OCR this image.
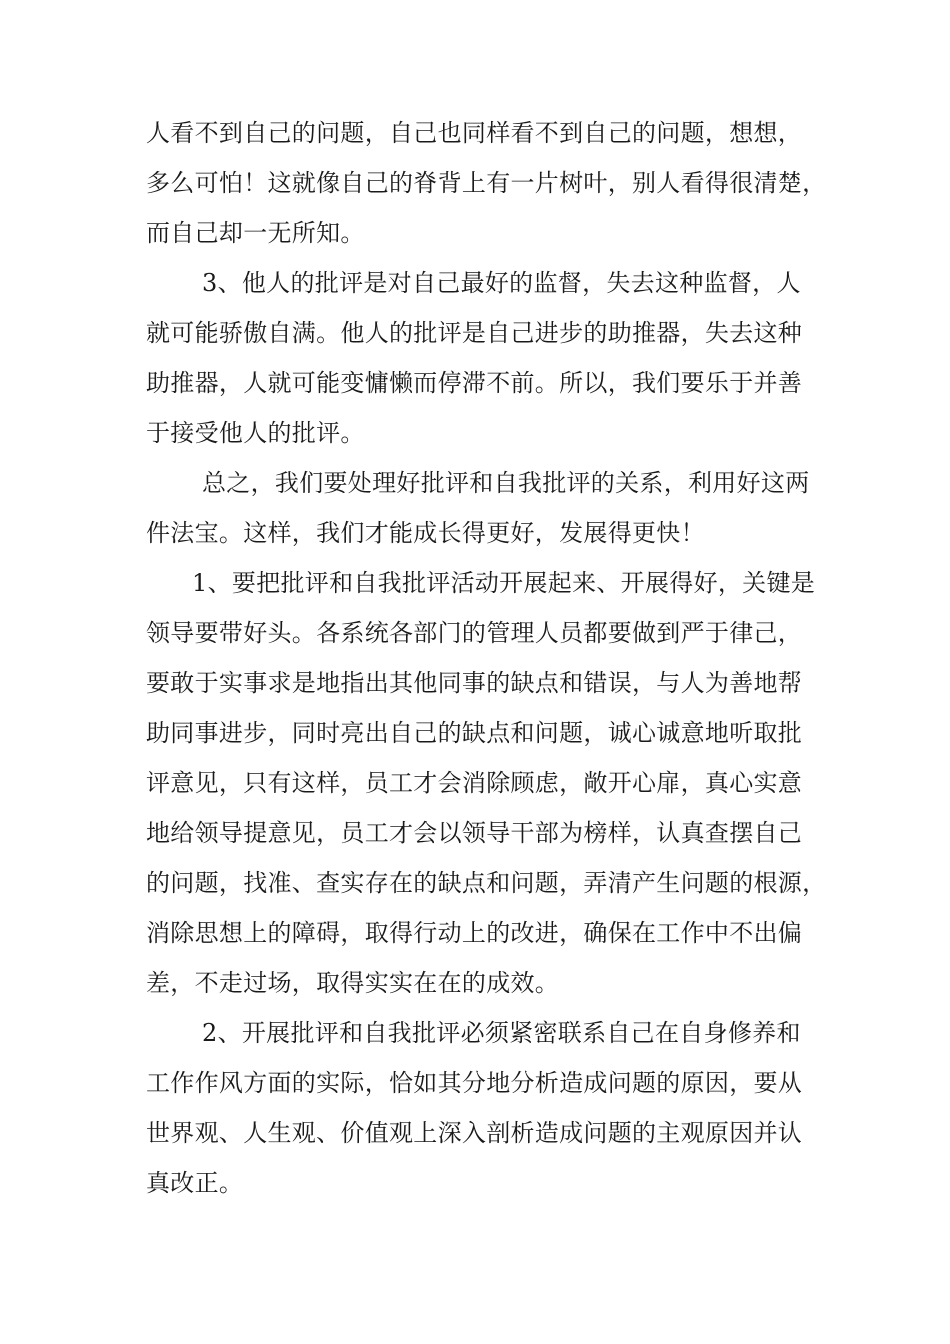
人看不到自己的问题，自己也同样看不到自己的问题，想想，

多么可怕！这就像自己的脊背上有一片树叶，别人看得很清楚，

而自己却一无所知。

3、他人的批评是对自己最好的监督，失去这种监督，人

就可能骄傲自满。他人的批评是自己进步的助推器，失去这种

助推器，人就可能变慵懒而停滞不前。所以，我们要乐于并善

于接受他人的批评。

总之，我们要处理好批评和自我批评的关系，利用好这两

件法宝。这样，我们才能成长得更好，发展得更快！

1、要把批评和自我批评活动开展起来、开展得好，关键是

领导要带好头。各系统各部门的管理人员都要做到严于律己，

要敢于实事求是地指出其他同事的缺点和错误，与人为善地帮

助同事进步，同时亮出自己的缺点和问题，诚心诚意地听取批

评意见，只有这样，员工才会消除顾虑，敞开心扉，真心实意

地给领导提意见，员工才会以领导干部为榜样，认真查摆自己

的问题，找准、查实存在的缺点和问题，弄清产生问题的根源，

消除思想上的障碍，取得行动上的改进，确保在工作中不出偏

差，不走过场，取得实实在在的成效。

2、开展批评和自我批评必须紧密联系自己在自身修养和

工作作风方面的实际，恰如其分地分析造成问题的原因，要从

世界观、人生观、价值观上深入剖析造成问题的主观原因并认

真改正。
